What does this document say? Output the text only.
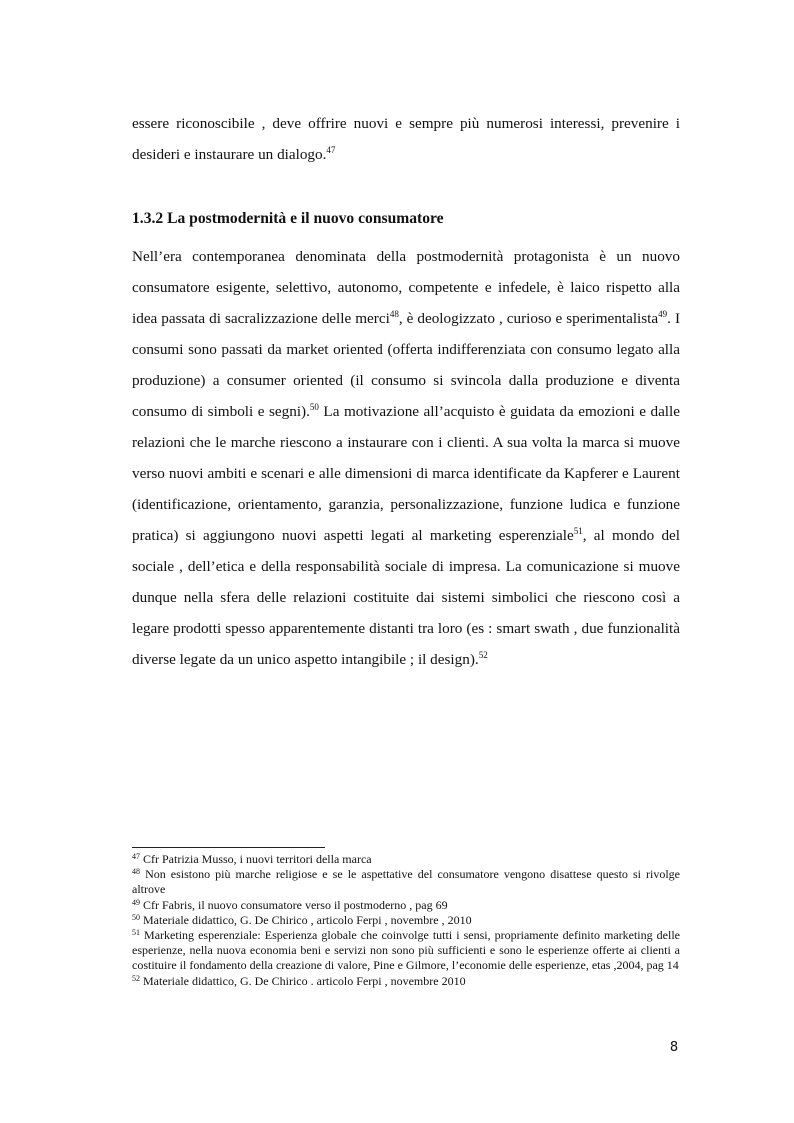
essere riconoscibile , deve offrire nuovi e sempre più numerosi interessi, prevenire i desideri e instaurare un dialogo.$^{47}$

1.3.2 La postmodernità e il nuovo consumatore

Nell’era contemporanea denominata della postmodernità protagonista è un nuovo consumatore esigente, selettivo, autonomo, competente e infedele, è laico rispetto alla idea passata di sacralizzazione delle merci$^{48}$, è deologizzato , curioso e sperimentalista$^{49}$. I consumi sono passati da market oriented (offerta indifferenziata con consumo legato alla produzione) a consumer oriented (il consumo si svincola dalla produzione e diventa consumo di simboli e segni).$^{50}$ La motivazione all’acquisto è guidata da emozioni e dalle relazioni che le marche riescono a instaurare con i clienti. A sua volta la marca si muove verso nuovi ambiti e scenari e alle dimensioni di marca identificate da Kapferer e Laurent (identificazione, orientamento, garanzia, personalizzazione, funzione ludica e funzione pratica) si aggiungono nuovi aspetti legati al marketing esperenziale$^{51}$, al mondo del sociale , dell’etica e della responsabilità sociale di impresa. La comunicazione si muove dunque nella sfera delle relazioni costituite dai sistemi simbolici che riescono così a legare prodotti spesso apparentemente distanti tra loro (es : smart swath , due funzionalità diverse legate da un unico aspetto intangibile ; il design).$^{52}$

$^{47}$ Cfr Patrizia Musso, i nuovi territori della marca

$^{48}$ Non esistono più marche religiose e se le aspettative del consumatore vengono disattese questo si rivolge altrove

$^{49}$ Cfr Fabris, il nuovo consumatore verso il postmoderno , pag 69

$^{50}$ Materiale didattico, G. De Chirico , articolo Ferpi , novembre , 2010

$^{51}$ Marketing esperenziale: Esperienza globale che coinvolge tutti i sensi, propriamente definito marketing delle esperienze, nella nuova economia beni e servizi non sono più sufficienti e sono le esperienze offerte ai clienti a costituire il fondamento della creazione di valore, Pine e Gilmore, l’economie delle esperienze, etas ,2004, pag 14

$^{52}$ Materiale didattico, G. De Chirico . articolo Ferpi , novembre 2010

8
